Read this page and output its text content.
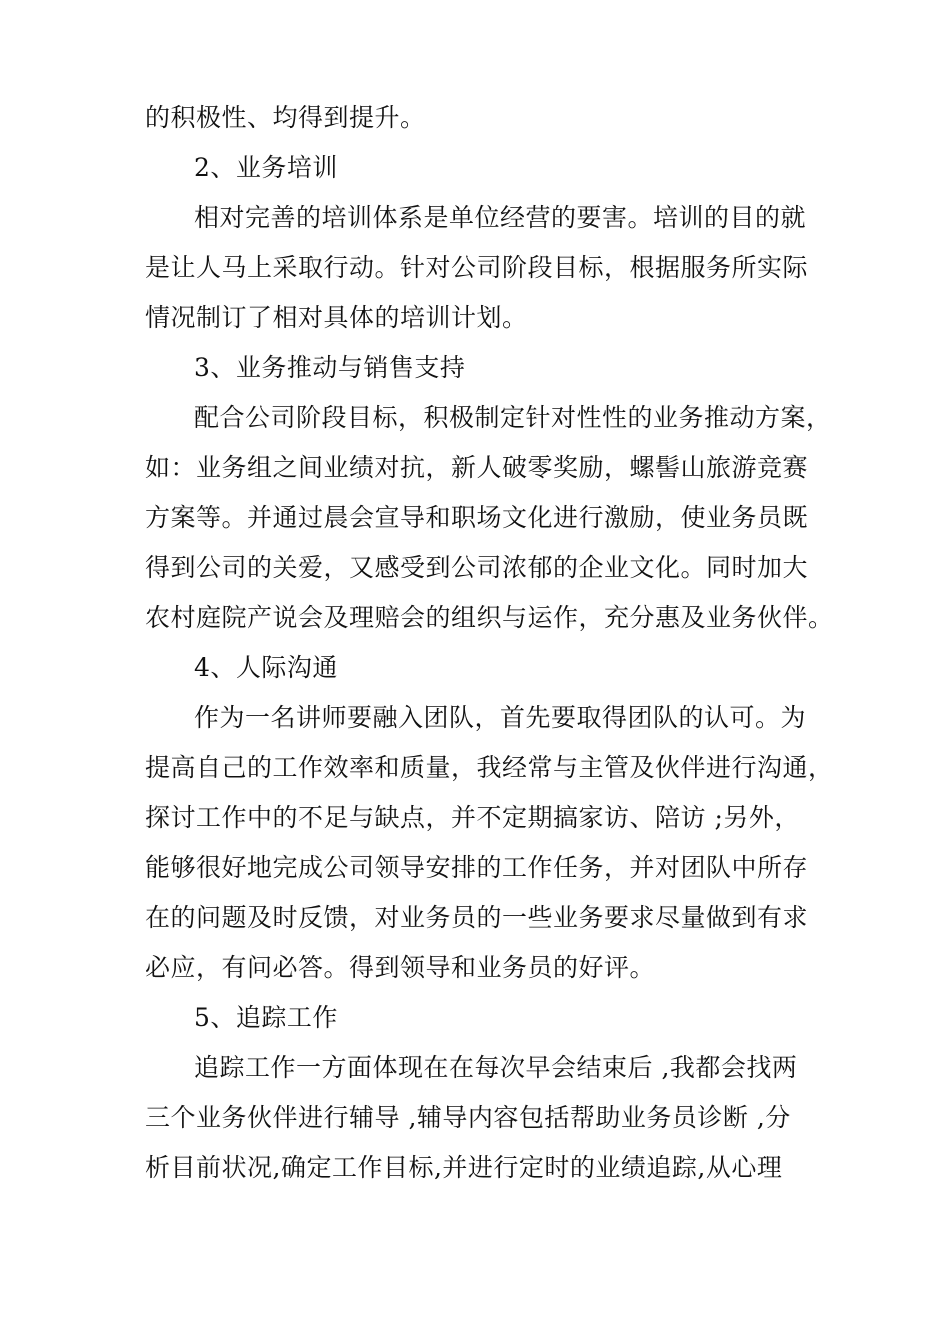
的积极性、均得到提升。
2、业务培训
相对完善的培训体系是单位经营的要害。培训的目的就
是让人马上采取行动。针对公司阶段目标，根据服务所实际
情况制订了相对具体的培训计划。
3、业务推动与销售支持
配合公司阶段目标，积极制定针对性性的业务推动方案，
如：业务组之间业绩对抗，新人破零奖励，螺髻山旅游竞赛
方案等。并通过晨会宣导和职场文化进行激励，使业务员既
得到公司的关爱，又感受到公司浓郁的企业文化。同时加大
农村庭院产说会及理赔会的组织与运作，充分惠及业务伙伴。
4、人际沟通
作为一名讲师要融入团队，首先要取得团队的认可。为
提高自己的工作效率和质量，我经常与主管及伙伴进行沟通，
探讨工作中的不足与缺点，并不定期搞家访、陪访 ;另外，
能够很好地完成公司领导安排的工作任务，并对团队中所存
在的问题及时反馈，对业务员的一些业务要求尽量做到有求
必应，有问必答。得到领导和业务员的好评。
5、追踪工作
追踪工作一方面体现在在每次早会结束后 ,我都会找两
三个业务伙伴进行辅导 ,辅导内容包括帮助业务员诊断 ,分
析目前状况,确定工作目标,并进行定时的业绩追踪,从心理
